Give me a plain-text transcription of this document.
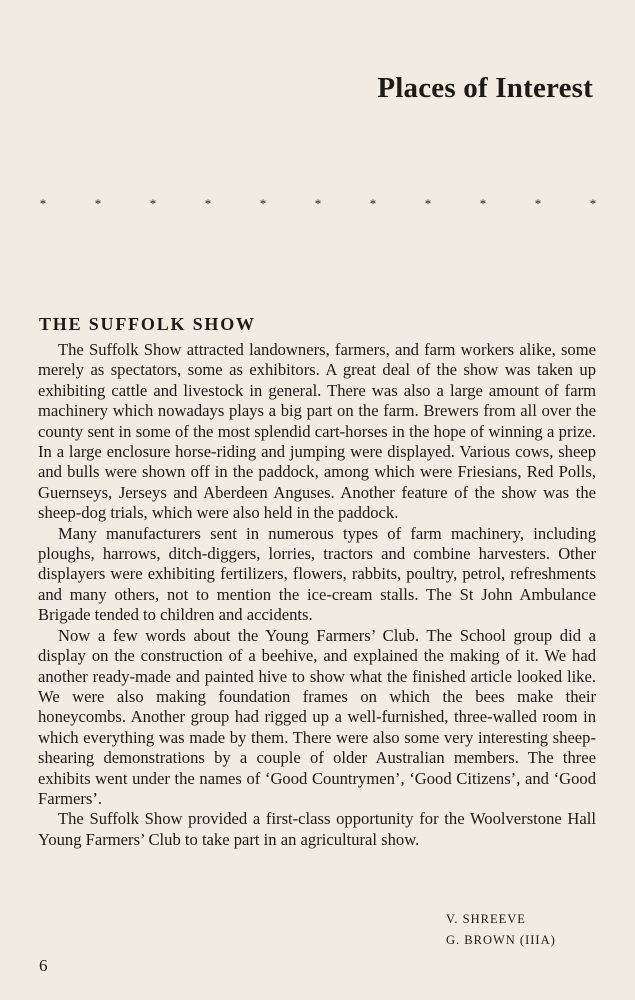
Places of Interest
*	*	*	*	*	*	*	*	*	*	*
THE SUFFOLK SHOW

The Suffolk Show attracted landowners, farmers, and farm workers alike, some merely as spectators, some as exhibitors. A great deal of the show was taken up exhibiting cattle and livestock in general. There was also a large amount of farm machinery which nowadays plays a big part on the farm. Brewers from all over the county sent in some of the most splendid cart-horses in the hope of winning a prize. In a large enclosure horse-riding and jumping were displayed. Various cows, sheep and bulls were shown off in the paddock, among which were Friesians, Red Polls, Guernseys, Jerseys and Aberdeen Anguses. Another feature of the show was the sheep-dog trials, which were also held in the paddock.

Many manufacturers sent in numerous types of farm machinery, including ploughs, harrows, ditch-diggers, lorries, tractors and combine harvesters. Other displayers were exhibiting fertilizers, flowers, rabbits, poultry, petrol, refreshments and many others, not to mention the ice-cream stalls. The St John Ambulance Brigade tended to children and accidents.

Now a few words about the Young Farmers’ Club. The School group did a display on the construction of a beehive, and explained the making of it. We had another ready-made and painted hive to show what the finished article looked like. We were also making foundation frames on which the bees make their honeycombs. Another group had rigged up a well-furnished, three-walled room in which everything was made by them. There were also some very interesting sheep-shearing demonstrations by a couple of older Australian members. The three exhibits went under the names of ‘Good Countrymen’, ‘Good Citizens’, and ‘Good Farmers’.

The Suffolk Show provided a first-class opportunity for the Woolverstone Hall Young Farmers’ Club to take part in an agricultural show.

V. SHREEVE
G. BROWN (IIIA)
6
